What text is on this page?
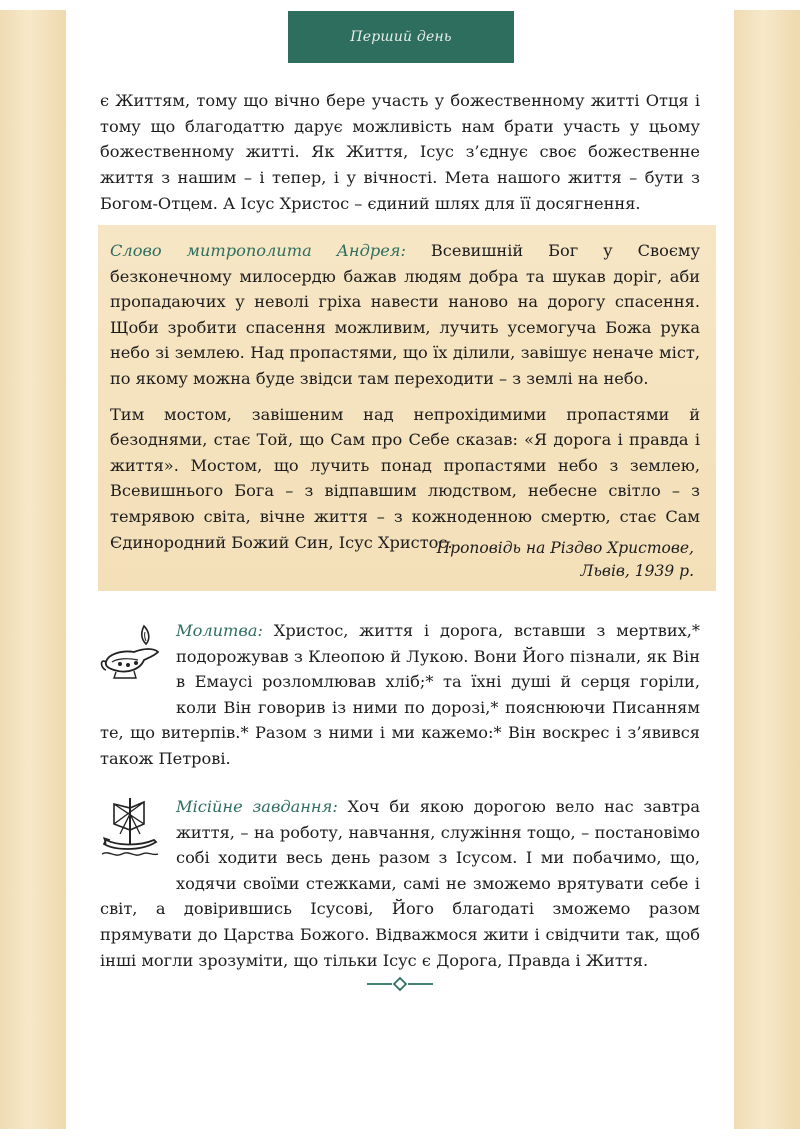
Перший день
є Життям, тому що вічно бере участь у божественному житті Отця і тому що благодаттю дарує можливість нам брати участь у цьому божественному житті. Як Життя, Ісус з’єднує своє божественне життя з нашим – і тепер, і у вічності. Мета нашого життя – бути з Богом-Отцем. А Ісус Христос – єдиний шлях для її досягнення.

Слово митрополита Андрея: Всевишній Бог у Своєму безконечному милосердю бажав людям добра та шукав доріг, аби пропадаючих у неволі гріха навести наново на дорогу спасення. Щоби зробити спасення можливим, лучить усемогуча Божа рука небо зі землею. Над пропастями, що їх ділили, завішує неначе міст, по якому можна буде звідси там переходити – з землі на небо.

Тим мостом, завішеним над непрохідимими пропастями й безоднями, стає Той, що Сам про Себе сказав: «Я дорога і правда і життя». Мостом, що лучить понад пропастями небо з землею, Всевишнього Бога – з відпавшим людством, небесне світло – з темрявою світа, вічне життя – з кожноденною смертю, стає Сам Єдинородний Божий Син, Ісус Христос.

Проповідь на Різдво Христове,
Львів, 1939 р.
Молитва: Христос, життя і дорога, вставши з мертвих,* подорожував з Клеопою й Лукою. Вони Його пізнали, як Він в Емаусі розломлював хліб;* та їхні душі й серця горіли, коли Він говорив із ними по дорозі,* пояснюючи Писанням те, що витерпів.* Разом з ними і ми кажемо:* Він воскрес і з’явився також Петрові.
Місійне завдання: Хоч би якою дорогою вело нас завтра життя, – на роботу, навчання, служіння тощо, – постановімо собі ходити весь день разом з Ісусом. І ми побачимо, що, ходячи своїми стежками, самі не зможемо врятувати себе і світ, а довірившись Ісусові, Його благодаті зможемо разом прямувати до Царства Божого. Відважмося жити і свідчити так, щоб інші могли зрозуміти, що тільки Ісус є Дорога, Правда і Життя.
